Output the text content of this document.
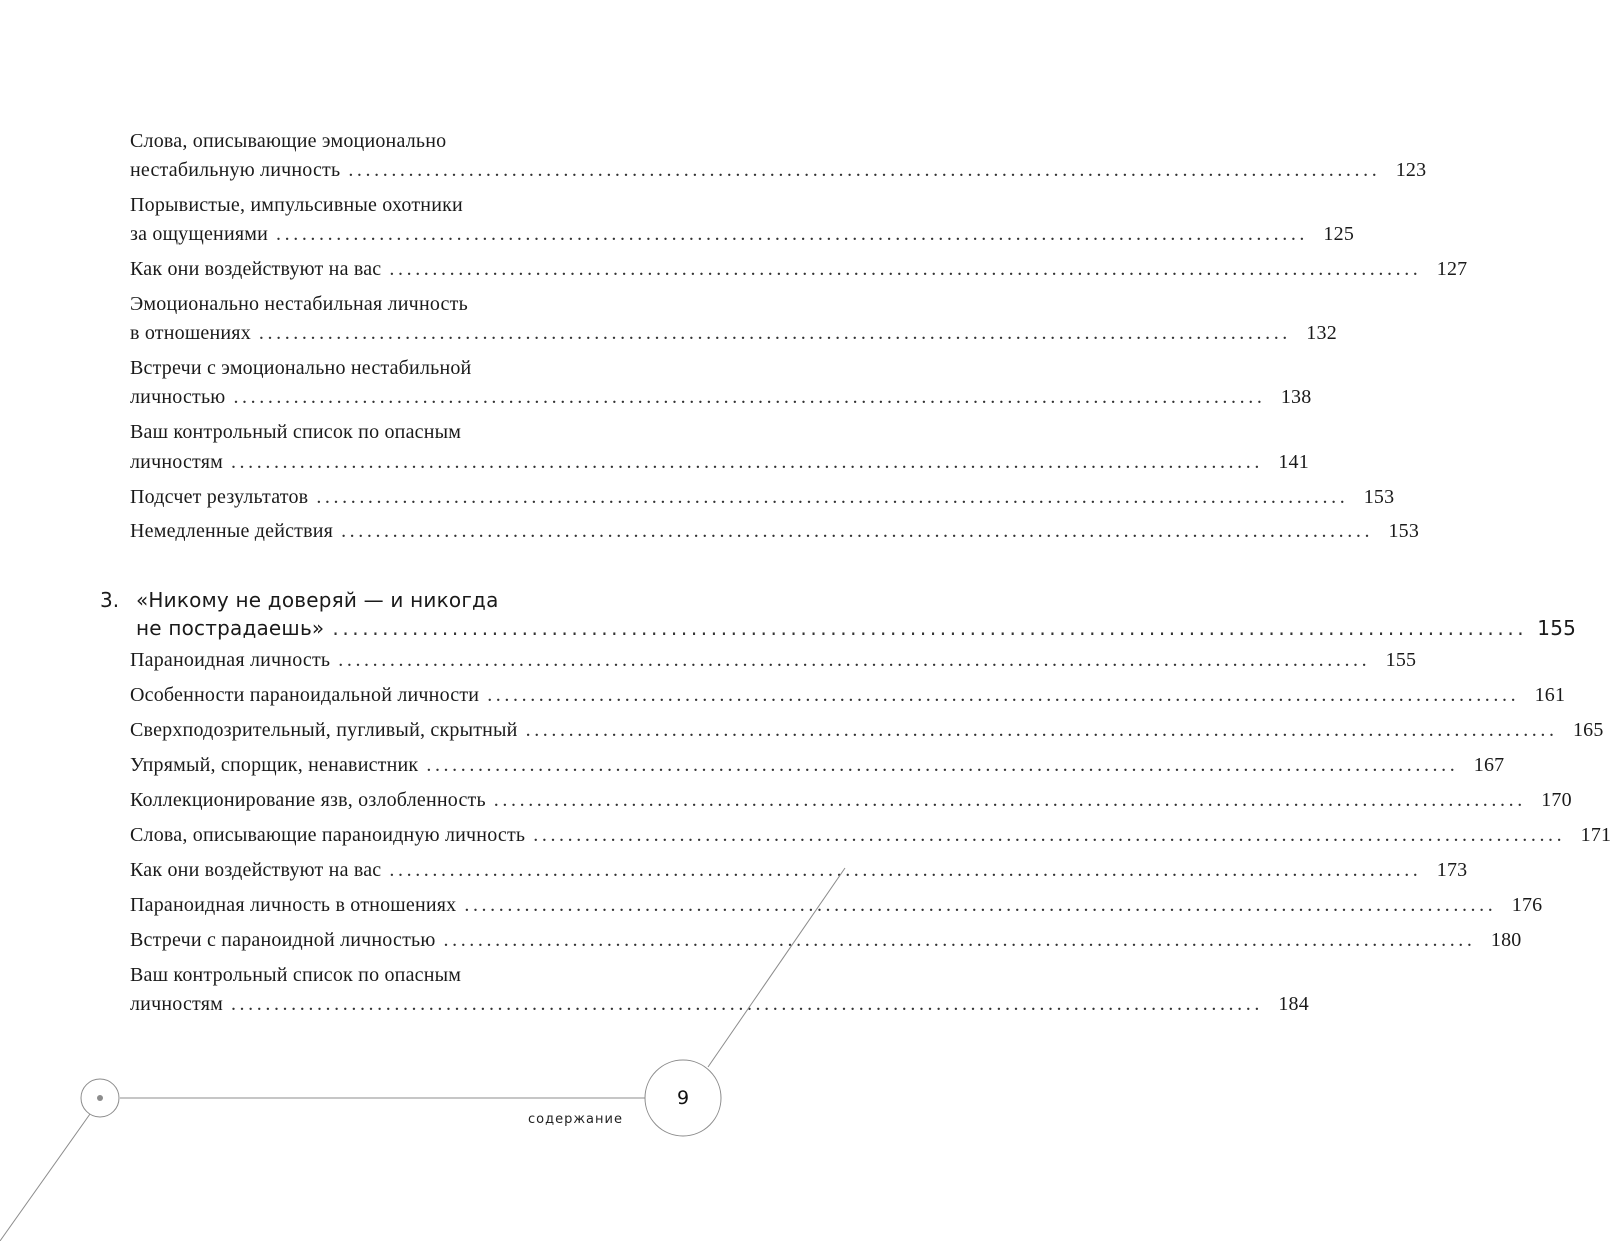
Слова, описывающие эмоционально
нестабильную личность ........................................................................................................................ 123
Порывистые, импульсивные охотники
за ощущениями ........................................................................................................................ 125
Как они воздействуют на вас ........................................................................................................................ 127
Эмоционально нестабильная личность
в отношениях ........................................................................................................................ 132
Встречи с эмоционально нестабильной
личностью ........................................................................................................................ 138
Ваш контрольный список по опасным
личностям ........................................................................................................................ 141
Подсчет результатов ........................................................................................................................ 153
Немедленные действия ........................................................................................................................ 153
3. «Никому не доверяй — и никогда
не пострадаешь» ........................................................................................................................ 155
Параноидная личность ........................................................................................................................ 155
Особенности параноидальной личности ........................................................................................................................ 161
Сверхподозрительный, пугливый, скрытный ........................................................................................................................ 165
Упрямый, спорщик, ненавистник ........................................................................................................................ 167
Коллекционирование язв, озлобленность ........................................................................................................................ 170
Слова, описывающие параноидную личность ........................................................................................................................ 171
Как они воздействуют на вас ........................................................................................................................ 173
Параноидная личность в отношениях ........................................................................................................................ 176
Встречи с параноидной личностью ........................................................................................................................ 180
Ваш контрольный список по опасным
личностям ........................................................................................................................ 184
9
содержание
